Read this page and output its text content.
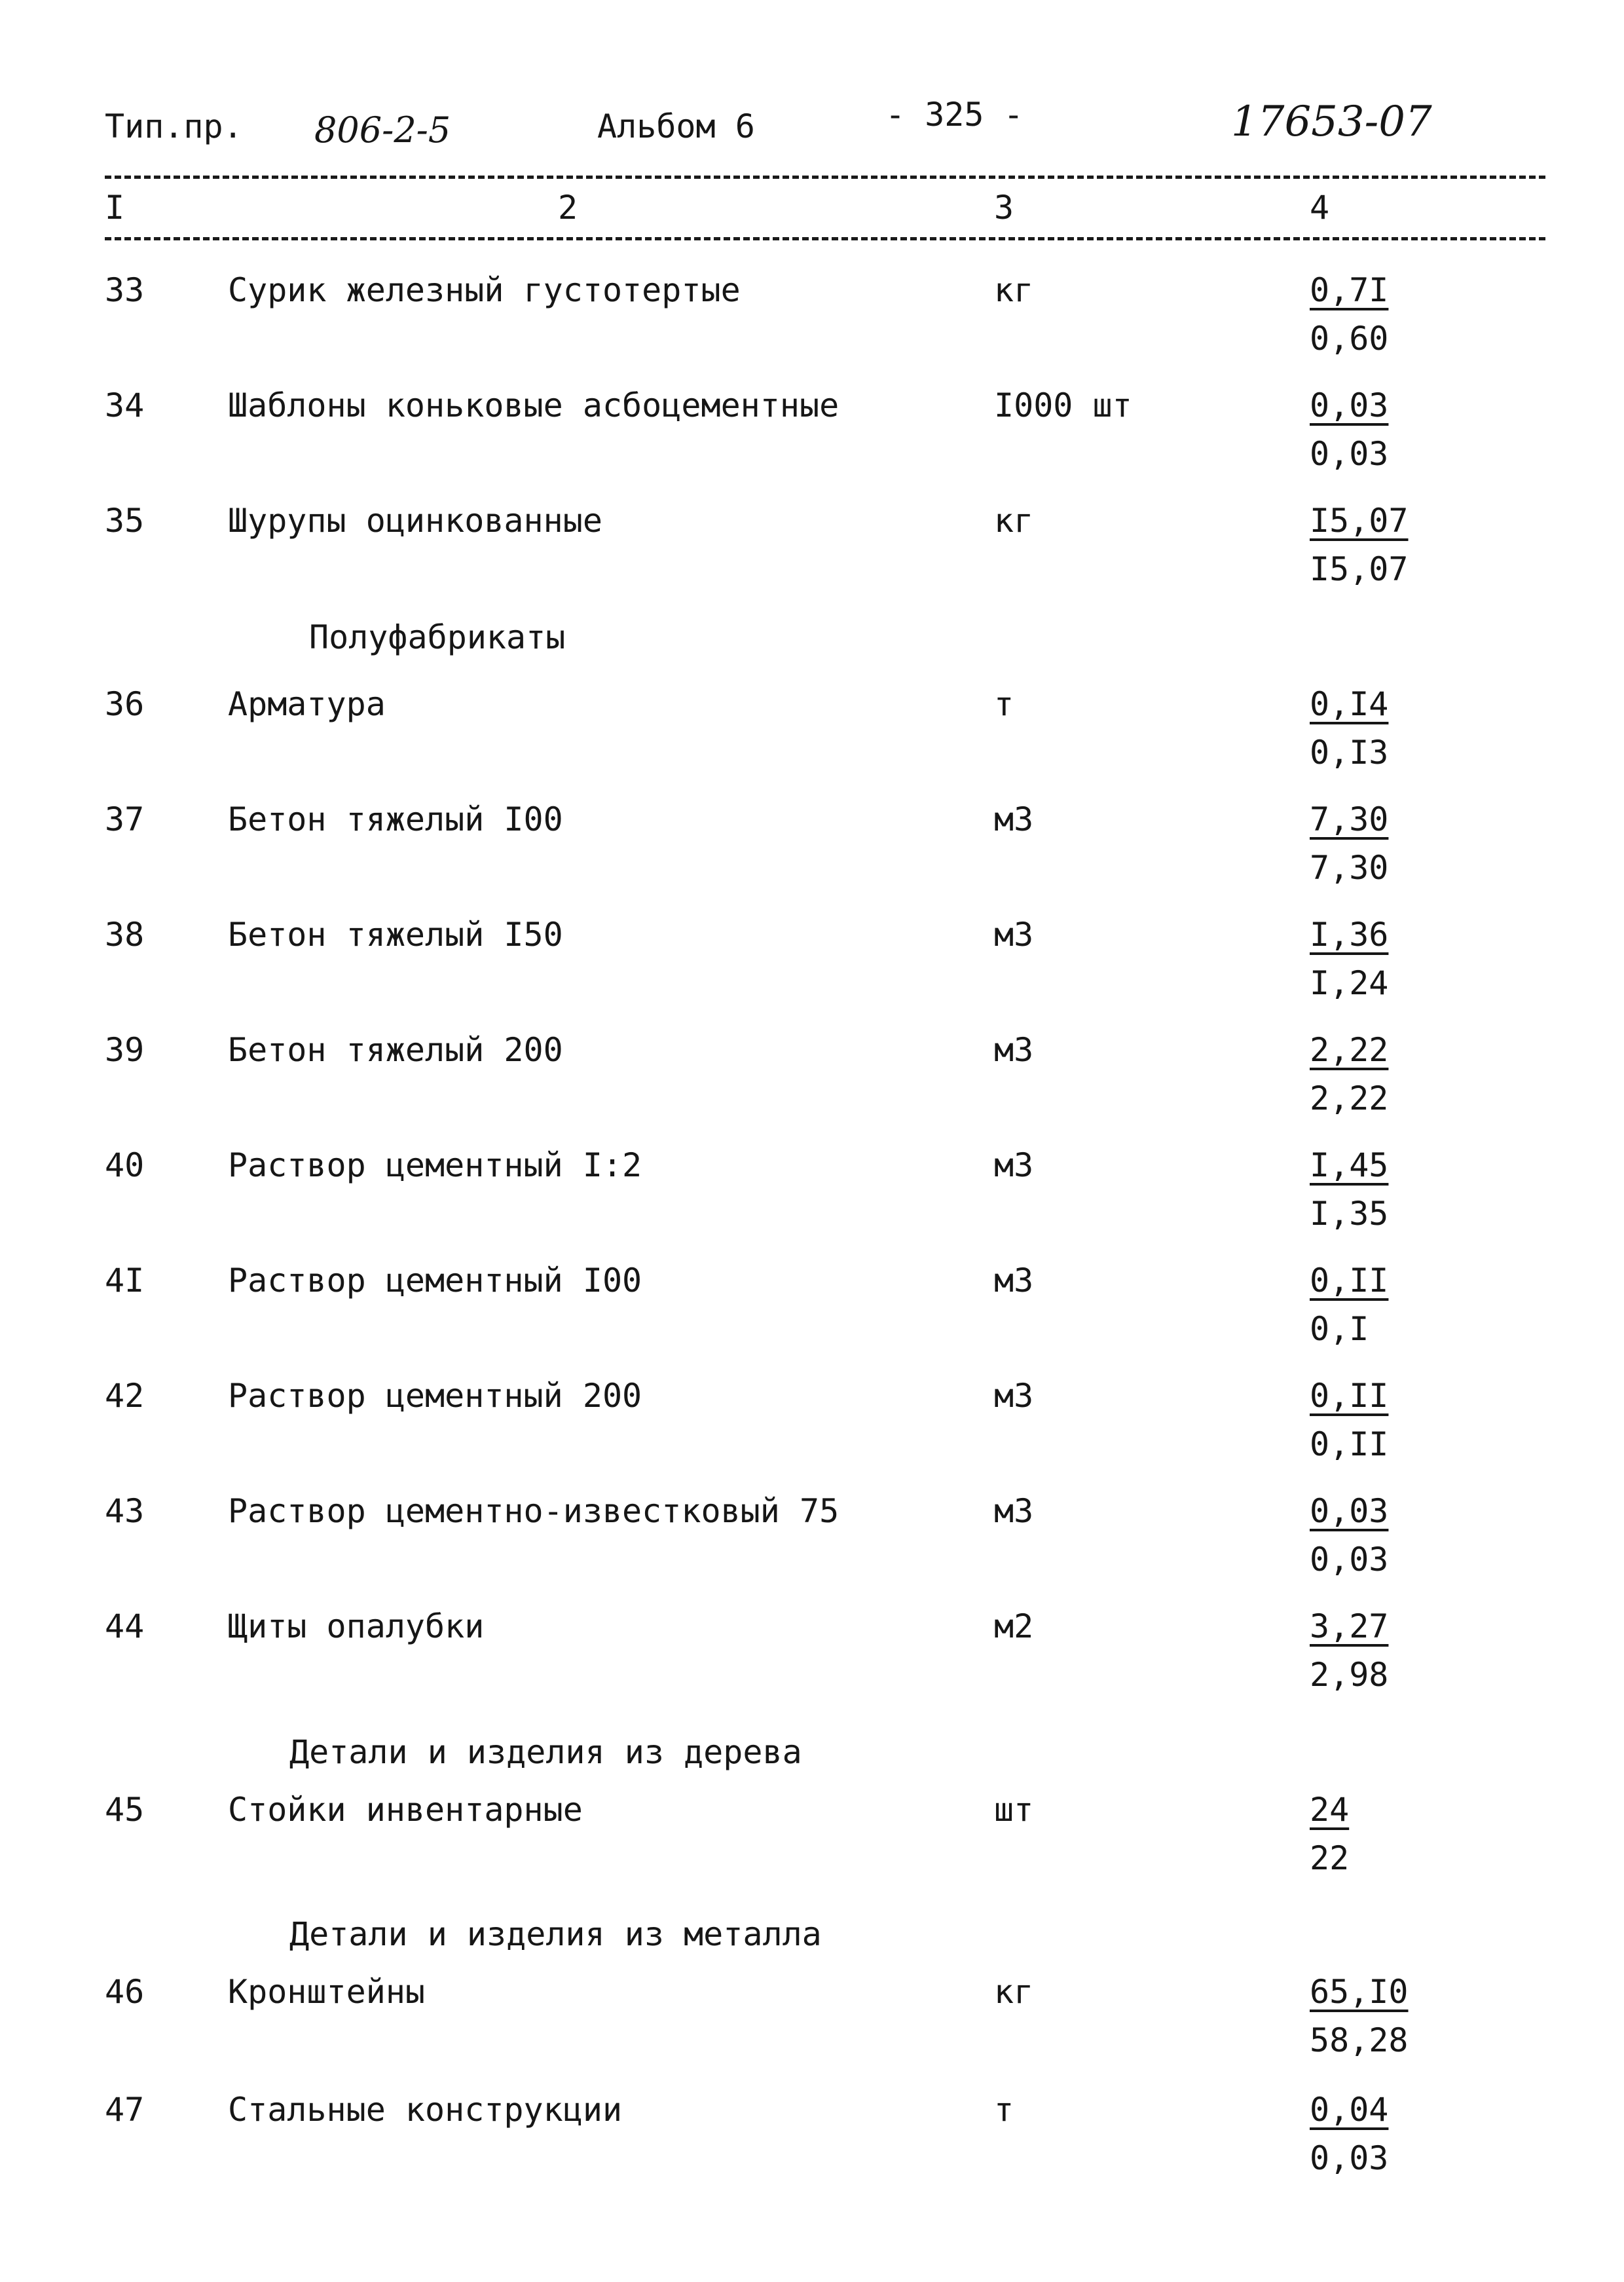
Тип.пр. 806-2-5	Альбом 6	- 325 -	17653-07
I	2	3	4
Полуфабрикаты
Детали и изделия из дерева
Детали и изделия из металла
33	Сурик железный густотертые	кг	0,7I
0,60
34	Шаблоны коньковые асбоцементные	I000 шт	0,03
0,03
35	Шурупы оцинкованные	кг	I5,07
I5,07
36	Арматура	т	0,I4
0,I3
37	Бетон тяжелый I00	м3	7,30
7,30
38	Бетон тяжелый I50	м3	I,36
I,24
39	Бетон тяжелый 200	м3	2,22
2,22
40	Раствор цементный I:2	м3	I,45
I,35
4I	Раствор цементный I00	м3	0,II
0,I
42	Раствор цементный 200	м3	0,II
0,II
43	Раствор цементно-известковый 75	м3	0,03
0,03
44	Щиты опалубки	м2	3,27
2,98
45	Стойки инвентарные	шт	24
22
46	Кронштейны	кг	65,I0
58,28
47	Стальные конструкции	т	0,04
0,03
